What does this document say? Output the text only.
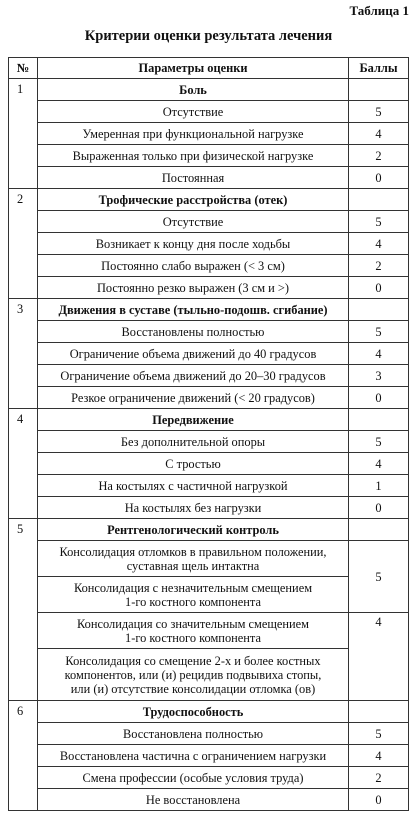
Таблица 1
Критерии оценки результата лечения
№	Параметры оценки	Баллы
1	Боль	
	Отсутствие	5
	Умеренная при функциональной нагрузке	4
	Выраженная только при физической нагрузке	2
	Постоянная	0
2	Трофические расстройства (отек)	
	Отсутствие	5
	Возникает к концу дня после ходьбы	4
	Постоянно слабо выражен (< 3 см)	2
	Постоянно резко выражен (3 см и >)	0
3	Движения в суставе (тыльно-подошв. сгибание)	
	Восстановлены полностью	5
	Ограничение объема движений до 40 градусов	4
	Ограничение объема движений до 20–30 градусов	3
	Резкое ограничение движений (< 20 градусов)	0
4	Передвижение	
	Без дополнительной опоры	5
	С тростью	4
	На костылях с частичной нагрузкой	1
	На костылях без нагрузки	0
5	Рентгенологический контроль	

	Консолидация отломков в правильном положении,
суставная щель интактна	5

	Консолидация с незначительным смещением
1-го костного компонента	

	Консолидация со значительным смещением
1-го костного компонента	4

	Консолидация со смещение 2-х и более костных
компонентов, или (и) рецидив подвывиха стопы,
или (и) отсутствие консолидации отломка (ов)	

6	Трудоспособность	
	Восстановлена полностью	5
	Восстановлена частична с ограничением нагрузки	4
	Смена профессии (особые условия труда)	2
	Не восстановлена	0
